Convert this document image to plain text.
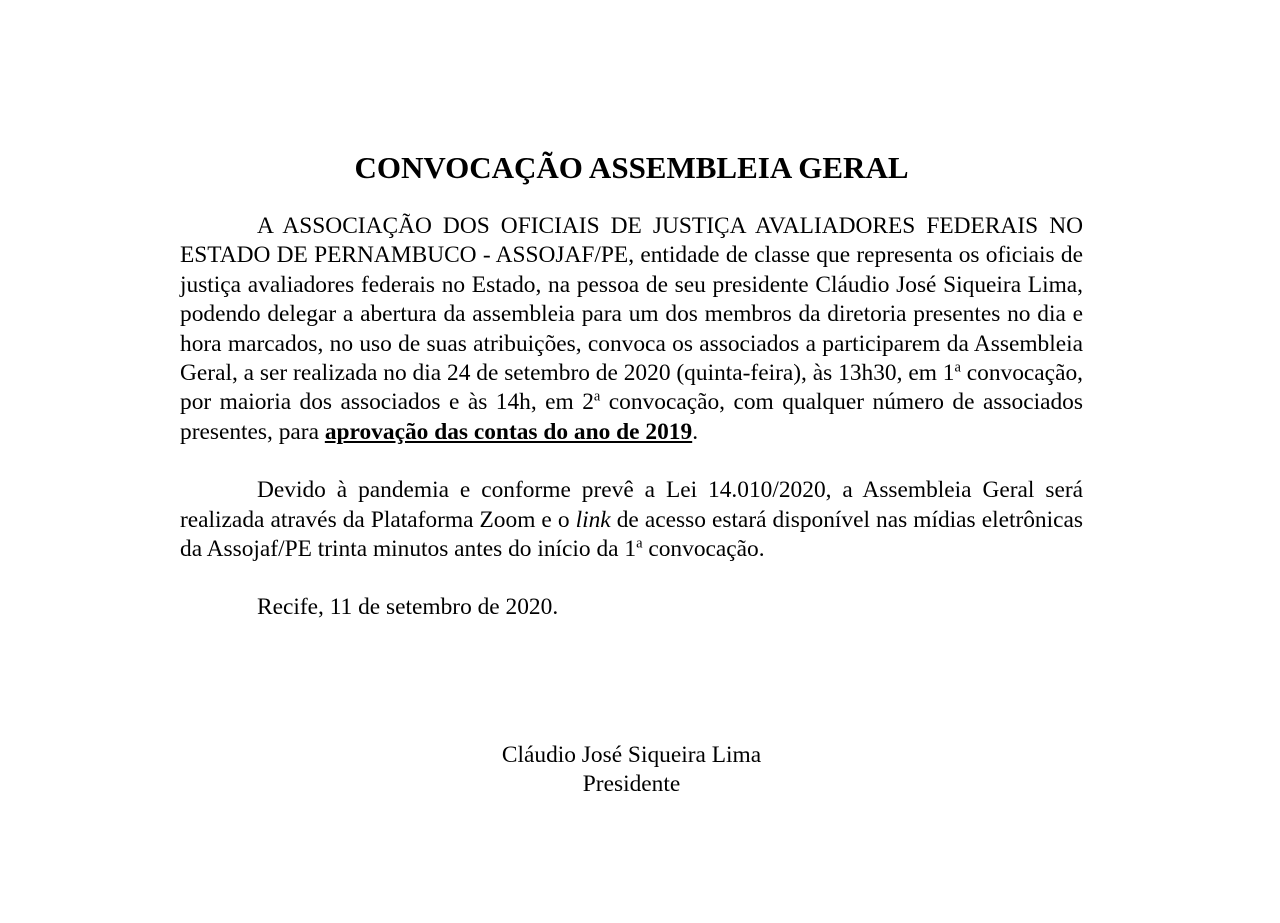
CONVOCAÇÃO ASSEMBLEIA GERAL

A ASSOCIAÇÃO DOS OFICIAIS DE JUSTIÇA AVALIADORES FEDERAIS NO ESTADO DE PERNAMBUCO - ASSOJAF/PE, entidade de classe que representa os oficiais de justiça avaliadores federais no Estado, na pessoa de seu presidente Cláudio José Siqueira Lima, podendo delegar a abertura da assembleia para um dos membros da diretoria presentes no dia e hora marcados, no uso de suas atribuições, convoca os associados a participarem da Assembleia Geral, a ser realizada no dia 24 de setembro de 2020 (quinta-feira), às 13h30, em 1$^a$ convocação, por maioria dos associados e às 14h, em 2$^a$ convocação, com qualquer número de associados presentes, para aprovação das contas do ano de 2019.

Devido à pandemia e conforme prevê a Lei 14.010/2020, a Assembleia Geral será realizada através da Plataforma Zoom e o link de acesso estará disponível nas mídias eletrônicas da Assojaf/PE trinta minutos antes do início da 1$^a$ convocação.

Recife, 11 de setembro de 2020.

Cláudio José Siqueira Lima
Presidente
